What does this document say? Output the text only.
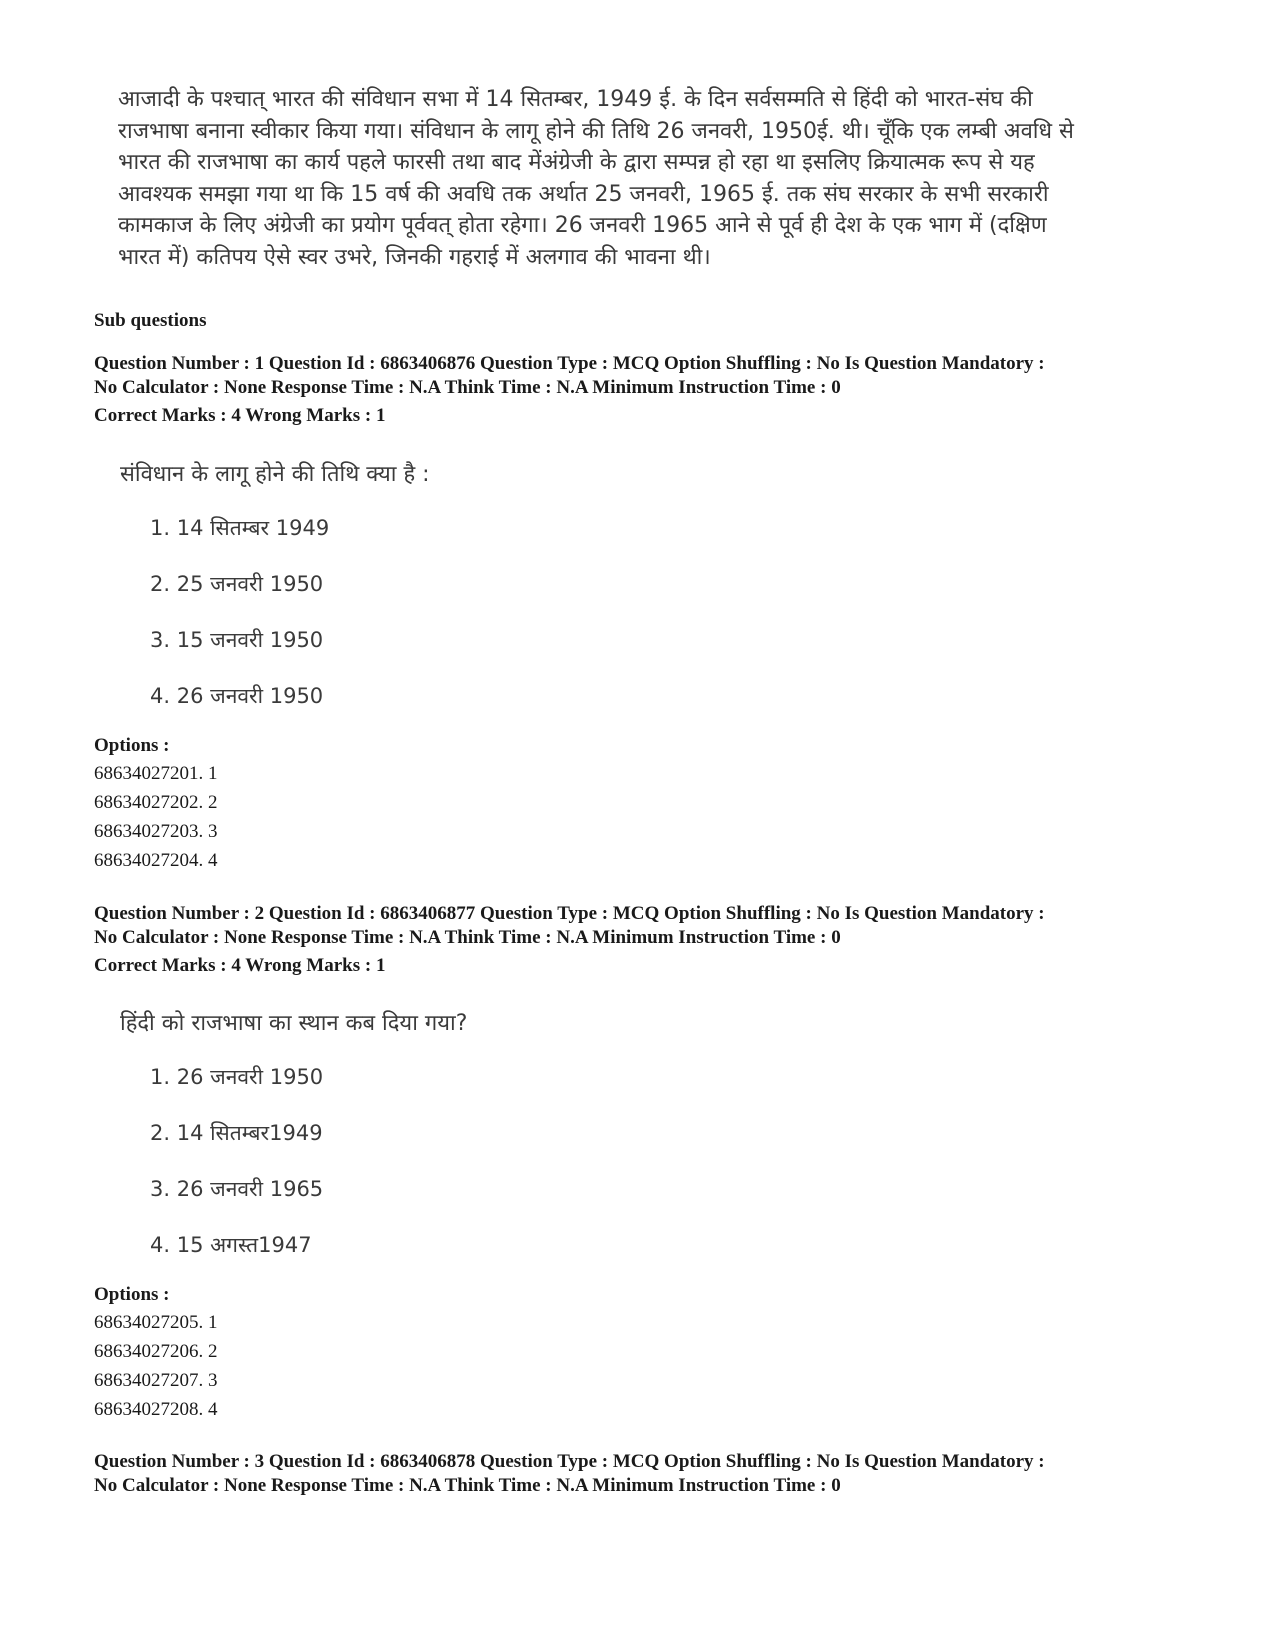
आजादी के पश्चात् भारत की संविधान सभा में 14 सितम्बर, 1949 ई. के दिन सर्वसम्मति से हिंदी को भारत-संघ की

राजभाषा बनाना स्वीकार किया गया। संविधान के लागू होने की तिथि 26 जनवरी, 1950ई. थी। चूँकि एक लम्बी अवधि से

भारत की राजभाषा का कार्य पहले फारसी तथा बाद मेंअंग्रेजी के द्वारा सम्पन्न हो रहा था इसलिए क्रियात्मक रूप से यह

आवश्यक समझा गया था कि 15 वर्ष की अवधि तक अर्थात 25 जनवरी, 1965 ई. तक संघ सरकार के सभी सरकारी

कामकाज के लिए अंग्रेजी का प्रयोग पूर्ववत् होता रहेगा। 26 जनवरी 1965 आने से पूर्व ही देश के एक भाग में (दक्षिण

भारत में) कतिपय ऐसे स्वर उभरे, जिनकी गहराई में अलगाव की भावना थी।

Sub questions

Question Number : 1 Question Id : 6863406876 Question Type : MCQ Option Shuffling : No Is Question Mandatory :

No Calculator : None Response Time : N.A Think Time : N.A Minimum Instruction Time : 0

Correct Marks : 4 Wrong Marks : 1

संविधान के लागू होने की तिथि क्या है :
1. 14 सितम्बर 1949
2. 25 जनवरी 1950
3. 15 जनवरी 1950
4. 26 जनवरी 1950
Options :
68634027201. 1
68634027202. 2
68634027203. 3
68634027204. 4

Question Number : 2 Question Id : 6863406877 Question Type : MCQ Option Shuffling : No Is Question Mandatory :

No Calculator : None Response Time : N.A Think Time : N.A Minimum Instruction Time : 0

Correct Marks : 4 Wrong Marks : 1

हिंदी को राजभाषा का स्थान कब दिया गया?
1. 26 जनवरी 1950
2. 14 सितम्बर1949
3. 26 जनवरी 1965
4. 15 अगस्त1947
Options :
68634027205. 1
68634027206. 2
68634027207. 3
68634027208. 4

Question Number : 3 Question Id : 6863406878 Question Type : MCQ Option Shuffling : No Is Question Mandatory :

No Calculator : None Response Time : N.A Think Time : N.A Minimum Instruction Time : 0
